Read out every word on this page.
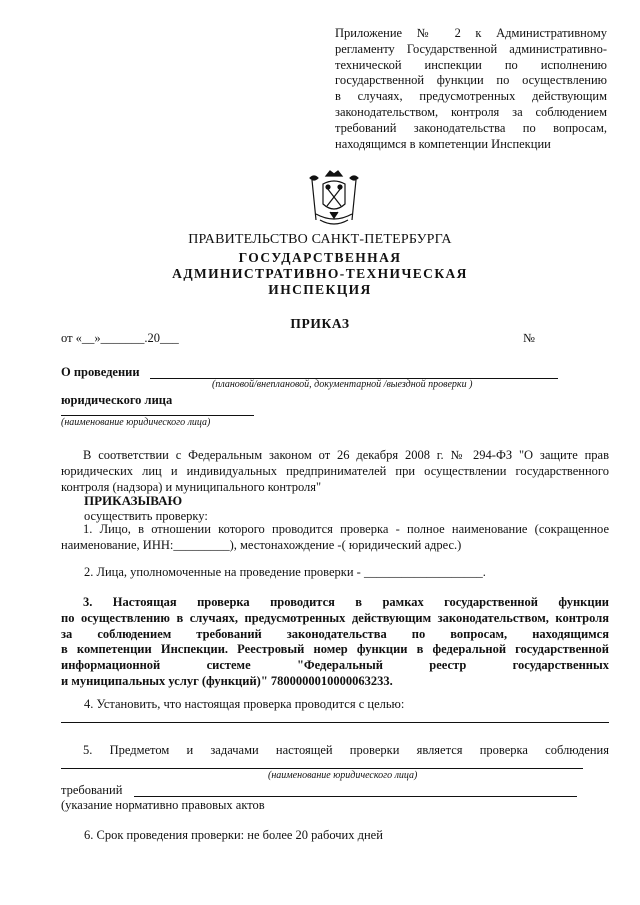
Приложение № 2 к Административному
регламенту Государственной административно-
технической инспекции по исполнению
государственной функции по осуществлению
в случаях, предусмотренных действующим
законодательством, контроля за соблюдением
требований законодательства по вопросам,
находящимся в компетенции Инспекции
ПРАВИТЕЛЬСТВО САНКТ-ПЕТЕРБУРГА
ГОСУДАРСТВЕННАЯ
АДМИНИСТРАТИВНО-ТЕХНИЧЕСКАЯ
ИНСПЕКЦИЯ
ПРИКАЗ
от «__»_______.20___	№
О проведении
(плановой/внеплановой, документарной /выездной проверки )
юридического лица
(наименование юридического лица)
В соответствии с Федеральным законом от 26 декабря 2008 г. № 294-ФЗ "О защите прав
юридических лиц и индивидуальных предпринимателей при осуществлении государственного
контроля (надзора) и муниципального контроля"
ПРИКАЗЫВАЮ
осуществить проверку:
1. Лицо, в отношении которого проводится проверка - полное наименование (сокращенное
наименование, ИНН:_________), местонахождение -( юридический адрес.)
2. Лица, уполномоченные на проведение проверки - ___________________.
3. Настоящая проверка проводится в рамках государственной функции
по осуществлению в случаях, предусмотренных действующим законодательством, контроля
за соблюдением требований законодательства по вопросам, находящимся
в компетенции Инспекции. Реестровый номер функции в федеральной государственной
информационной системе "Федеральный реестр государственных
и муниципальных услуг (функций)" 7800000010000063233.
4. Установить, что настоящая проверка проводится с целью:
5. Предметом и задачами настоящей проверки является проверка соблюдения
(наименование юридического лица)
требований
(указание нормативно правовых актов
6. Срок проведения проверки: не более 20 рабочих дней
